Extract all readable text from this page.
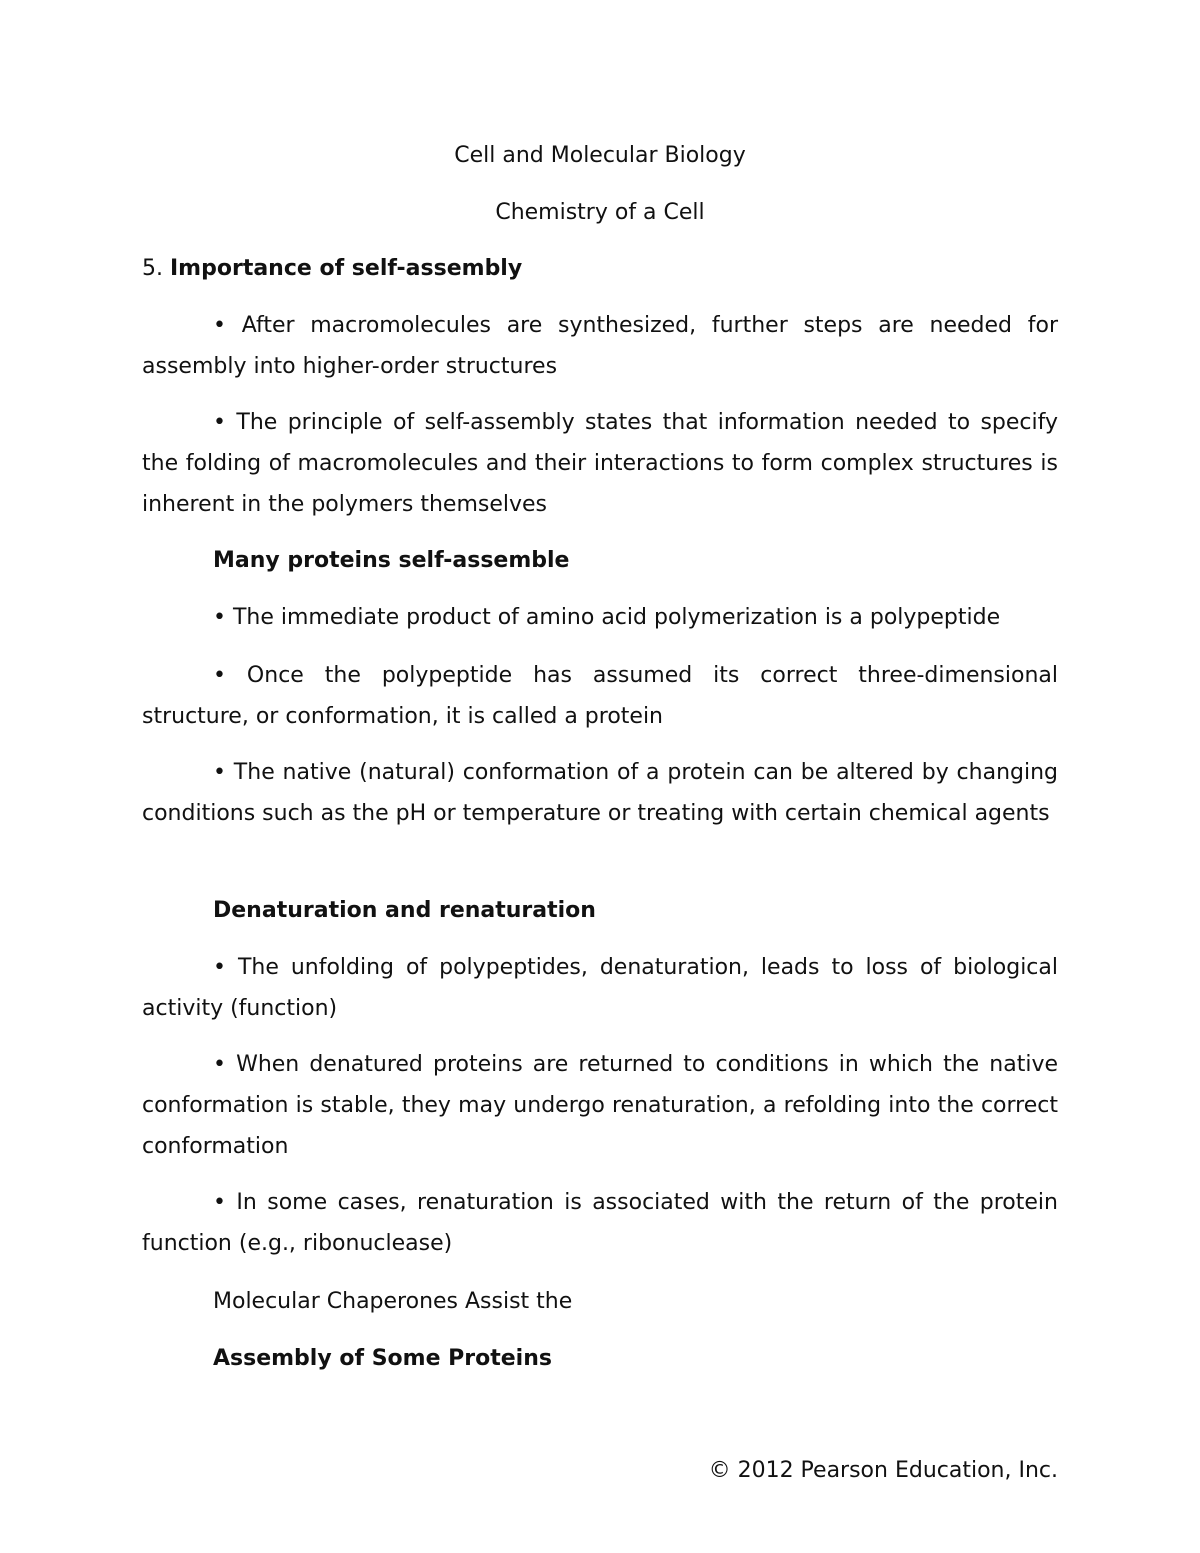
Cell and Molecular Biology

Chemistry of a Cell

5. Importance of self-assembly

• After macromolecules are synthesized, further steps are needed for assembly into higher-order structures

• The principle of self-assembly states that information needed to specify the folding of macromolecules and their interactions to form complex structures is inherent in the polymers themselves

Many proteins self-assemble

• The immediate product of amino acid polymerization is a polypeptide

• Once the polypeptide has assumed its correct three-dimensional structure, or conformation, it is called a protein

• The native (natural) conformation of a protein can be altered by changing conditions such as the pH or temperature or treating with certain chemical agents

Denaturation and renaturation

• The unfolding of polypeptides, denaturation, leads to loss of biological activity (function)

• When denatured proteins are returned to conditions in which the native conformation is stable, they may undergo renaturation, a refolding into the correct conformation

• In some cases, renaturation is associated with the return of the protein function (e.g., ribonuclease)

Molecular Chaperones Assist the

Assembly of Some Proteins

© 2012 Pearson Education, Inc.
